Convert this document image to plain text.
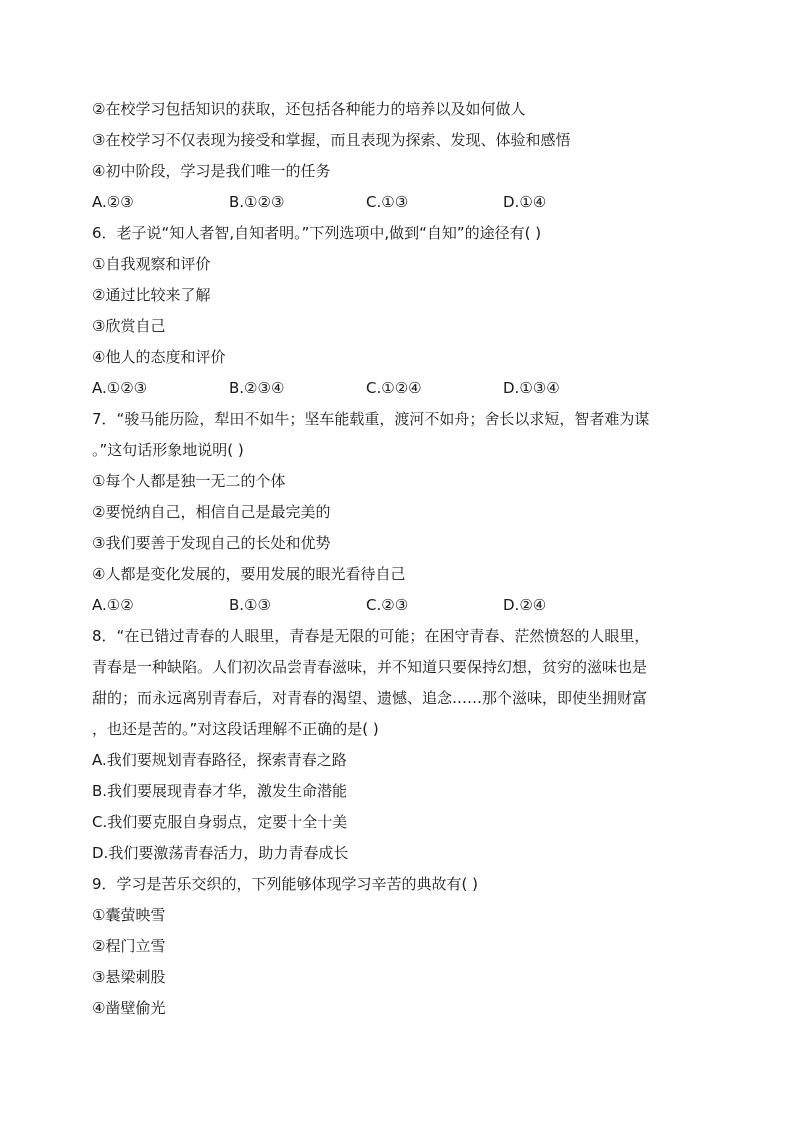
②在校学习包括知识的获取，还包括各种能力的培养以及如何做人
③在校学习不仅表现为接受和掌握，而且表现为探索、发现、体验和感悟
④初中阶段，学习是我们唯一的任务
A.②③	B.①②③	C.①③	D.①④
6．老子说“知人者智,自知者明。”下列选项中,做到“自知”的途径有( )
①自我观察和评价
②通过比较来了解
③欣赏自己
④他人的态度和评价
A.①②③	B.②③④	C.①②④	D.①③④
7．“骏马能历险，犁田不如牛；坚车能载重，渡河不如舟；舍长以求短，智者难为谋
。”这句话形象地说明( )
①每个人都是独一无二的个体
②要悦纳自己，相信自己是最完美的
③我们要善于发现自己的长处和优势
④人都是变化发展的，要用发展的眼光看待自己
A.①②	B.①③	C.②③	D.②④
8．“在已错过青春的人眼里，青春是无限的可能；在困守青春、茫然愤怒的人眼里，
青春是一种缺陷。人们初次品尝青春滋味，并不知道只要保持幻想，贫穷的滋味也是
甜的；而永远离别青春后，对青春的渴望、遗憾、追念……那个滋味，即使坐拥财富
，也还是苦的。”对这段话理解不正确的是( )
A.我们要规划青春路径，探索青春之路
B.我们要展现青春才华，激发生命潜能
C.我们要克服自身弱点，定要十全十美
D.我们要激荡青春活力，助力青春成长
9．学习是苦乐交织的，下列能够体现学习辛苦的典故有( )
①囊萤映雪
②程门立雪
③悬梁刺股
④凿壁偷光
